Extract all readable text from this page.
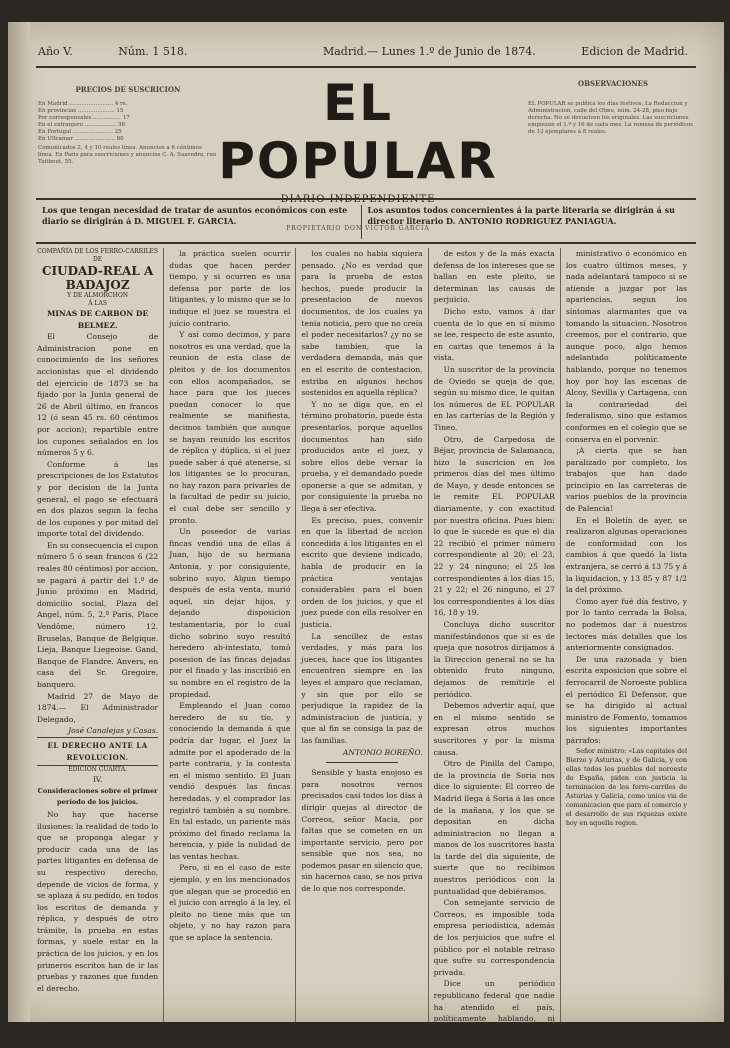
Año V.	Núm. 1 518.	Madrid.— Lunes 1.º de Junio de 1874.	Edicion de Madrid.
PRECIOS DE SUSCRICION
En Madrid ......................... 4 rs.
En provincias ..................... 15
Por corresponsales ................ 17
En el extranjero .................. 36
En Portugal ....................... 25
En Ultramar ....................... 80
Comunicados 2, 4 y 10 reales línea. Anuncios a 6 céntimos línea. En Paris para suscriciones y anuncios C. A. Saavedra, rue Taitbout, 55.
EL POPULAR
PROPIETARIO DON VICTOR GARCIA
OBSERVACIONES
EL POPULAR se publica los días festivos. La Redaccion y Administracion, calle del Olmo, núm. 24-28, piso bajo derecha. No se devuelven los originales. Las suscriciones empiezan el 1.º y 16 de cada mes. La remesa de periódicos de 12 ejemplares á 8 reales.
Los que tengan necesidad de tratar de asuntos económicos con este diario se dirigirán á D. MIGUEL F. GARCIA.
Los asuntos todos concernientes á la parte literaria se dirigirán á su director literario D. ANTONIO RODRIGUEZ PANIAGUA.

COMPAÑÍA DE LOS FERRO-CARRILES DE

CIUDAD-REAL A BADAJOZ

Y DE ALMORCHON

Á LAS

MINAS DE CARBON DE BELMEZ.

El Consejo de Administracion pone en conocimiento de los señores accionistas que el dividendo del ejercicio de 1873 se ha fijado por la Junta general de 26 de Abril último, en francos 12 (ó sean 45 rs. 60 céntimos por accion); repartible entre los cupones señalados en los números 5 y 6.

Conforme á las prescripciones de los Estatutos y por decision de la Junta general, el pago se efectuará en dos plazos segun la fecha de los cupones y por mitad del importe total del dividendo.

En su consecuencia el cupon número 5 ó sean francos 6 (22 reales 80 céntimos) por accion, se pagará á partir del 1.º de Junio próximo en Madrid, domicilio social, Plaza del Angel, núm. 5, 2.º Paris, Place Vendôme, número 12. Bruselas, Banque de Belgique. Lieja, Banque Liegeoise. Gand, Banque de Flandre. Anvers, en casa del Sr. Gregoire, banquero.

Madrid 27 de Mayo de 1874.— El Administrador Delegado,

José Canalejas y Casas.

EL DERECHO ANTE LA REVOLUCION.

EDICION CUARTA.

IV.

Consideraciones sobre el primer período de los juicios.

No hay que hacerse ilusiones: la realidad de todo lo que se proponga alegar y producir cada una de las partes litigantes en defensa de su respectivo derecho, depende de vicios de forma, y se aplaza á su pedido, en todos los escritos de demanda y réplica, y después de otro trámite, la prueba en estas formas, y suele estar en la práctica de los juicios, y en los primeros escritos han de ir las pruebas y razones que funden el derecho.

la práctica suelen ocurrir dudas que hacen perder tiempo, y si ocurren es una defensa por parte de los litigantes, y lo mismo que se lo indique el juez se muestra el juicio contrario.

Y así como decimos, y para nosotros es una verdad, que la reunion de esta clase de pleitos y de los documentos con ellos acompañados, se hace para que los jueces puedan conocer lo que realmente se manifiesta, decimos también que aunque se hayan reunido los escritos de réplica y dúplica, si el juez puede saber á qué atenerse, si los litigantes se lo procuran, no hay razon para privarles de la facultad de pedir su juicio, el cual debe ser sencillo y pronto.

Un poseedor de varias fincas vendió una de ellas á Juan, hijo de su hermana Antonia, y por consiguiente, sobrino suyo. Algun tiempo después de esta venta, murió aquel, sin dejar hijos, y dejando disposicion testamentaria, por lo cual dicho sobrino suyo resultó heredero ab-intestato, tomó posesion de las fincas dejadas por el finado y las inscribió en su nombre en el registro de la propiedad.

Empleando el Juan como heredero de su tío, y conociendo la demanda á que podría dar lugar, el Juez la admite por el apoderado de la parte contraria, y la contesta en el mismo sentido. El Juan vendió después las fincas heredadas, y el comprador las registró también a su nombre. En tal estado, un pariente más próximo del finado reclama la herencia, y pide la nulidad de las ventas hechas.

Pero, si en el caso de este ejemplo, y en los mencionados que alegan que se procedió en el juicio con arreglo á la ley, el pleito no tiene más que un objeto, y no hay razon para que se aplace la sentencia.

los cuales no habia siquiera pensado. ¿No es verdad que para la prueba de estos hechos, puede producir la presentacion de nuevos documentos, de los cuales ya tenia noticia, pero que no creía el poder necesitarlos? ¿y no se sabe tambien, que la verdadera demanda, más que en el escrito de contestacion, estriba en algunos hechos sostenidos en aquella réplica?

Y no se diga que, en el término probatorio, puede ésta presentarlos, porque aquellos documentos han sido producidos ante el juez, y sobre ellos debe versar la prueba, y el demandado puede oponerse a que se admitan, y por consiguiente la prueba no llega á ser efectiva.

Es preciso, pues, convenir en que la libertad de accion concedida á los litigantes en el escrito que deviene indicado, habla de producir en la práctica ventajas considerables para el buen orden de los juicios, y que el juez puede con ella resolver en justicia.

La sencillez de estas verdades, y más para los jueces, hace que los litigantes encuentren siempre en las leyes el amparo que reclaman, y sin que por ello se perjudique la rapidez de la administracion de justicia, y que al fin se consiga la paz de las familias.

ANTONIO BOREÑO.

Sensible y hasta enojoso es para nosotros vernos precisados casi todos los días á dirigir quejas al director de Correos, señor Macia, por faltas que se cometen en un importante servicio, pero por sensible que nos sea, no podemos pasar en silencio que, sin hacernos caso, se nos priva de lo que nos corresponde.

de estos y de la más exacta defensa de los intereses que se hallan en este pleito, se determinan las causas de perjuicio.

Dicho esto, vamos á dar cuenta de lo que en sí mismo se lee, respecto de este asunto, en cartas que tenemos á la vista.

Un suscritor de la provincia de Oviedo se queja de que, según su mismo dice, le quitan los números de EL POPULAR en las carterías de la Región y Tineo.

Otro, de Carpedosa de Béjar, provincia de Salamanca, hizo la suscricion en los primeros días del mes último de Mayo, y desde entonces se le remite EL POPULAR diariamente, y con exactitud por nuestra oficina. Pues bien: lo que le sucede es que el dia 22 recibió el primer número correspondiente al 20; el 23, 22 y 24 ninguno; el 25 los correspondientes á los días 15, 21 y 22; el 26 ninguno, el 27 los correspondientes á los días 16, 18 y 19.

Concluya dicho suscritor manifestándonos que si es de queja que nosotros dirijamos á la Direccion general no se ha obtenido fruto ninguno, dejamos de remitirle el periódico.

Debemos advertir aquí, que en el mismo sentido se expresan otros muchos suscritores y por la misma causa.

Otro de Pinilla del Campo, de la provincia de Soria nos dice lo siguiente: El correo de Madrid llega á Soria á las once de la mañana, y los que se depositan en dicha administracion no llegan a manos de los suscritores hasta la tarde del dia siguiente, de suerte que no recibimos nuestros periódicos con la puntualidad que debiéramos.

Con semejante servicio de Correos, es imposible toda empresa periodística, además de los perjuicios que sufre el público por el notable retraso que sufre su correspondencia privada.

Dice un periódico republicano federal que nadie ha atendido el país, políticamente hablando, ni tampoco bajo el punto de vista ad-

ministrativo ó económico en los cuatro últimos meses, y nada adelantará tampoco si se atiende a juzgar por las apariencias, segun los síntomas alarmantes que va tomando la situacion. Nosotros creemos, por el contrario, que aunque poco, algo hemos adelantado políticamente hablando, porque no tenemos hoy por hoy las escenas de Alcoy, Sevilla y Cartagena, con la contrariedad del federalismo, sino que estamos conformes en el colegio que se conserva en el porvenir.

¡A cierta que se han paralizado por completo, los trabajos que han dado principio en las carreteras de varios pueblos de la provincia de Palencia!

En el Boletín de ayer, se realizaron algunas operaciones de conformidad con los cambios á que quedó la lista extranjera, se cerró á 13 75 y á la liquidacion, y 13 85 y 87 1/2 la del próximo.

Como ayer fué día festivo, y por lo tanto cerrada la Bolsa, no podemos dar á nuestros lectores más detalles que los anteriormente consignados.

De una razonada y bien escrita exposicion que sobre el ferrocarril de Noroeste publica el periódico El Defensor, que se ha dirigido al actual ministro de Fomento, tomamos los siguientes importantes párrafos:

Señor ministro: «Las capitales del Bierzo y Asturias, y de Galicia, y con ellas todos los pueblos del noroeste de España, piden con justicia la terminacion de los ferro-carriles de Asturias y Galicia, como unica via de comunicacion que para el comercio y el desarrollo de sus riquezas existe hoy en aquella region.
